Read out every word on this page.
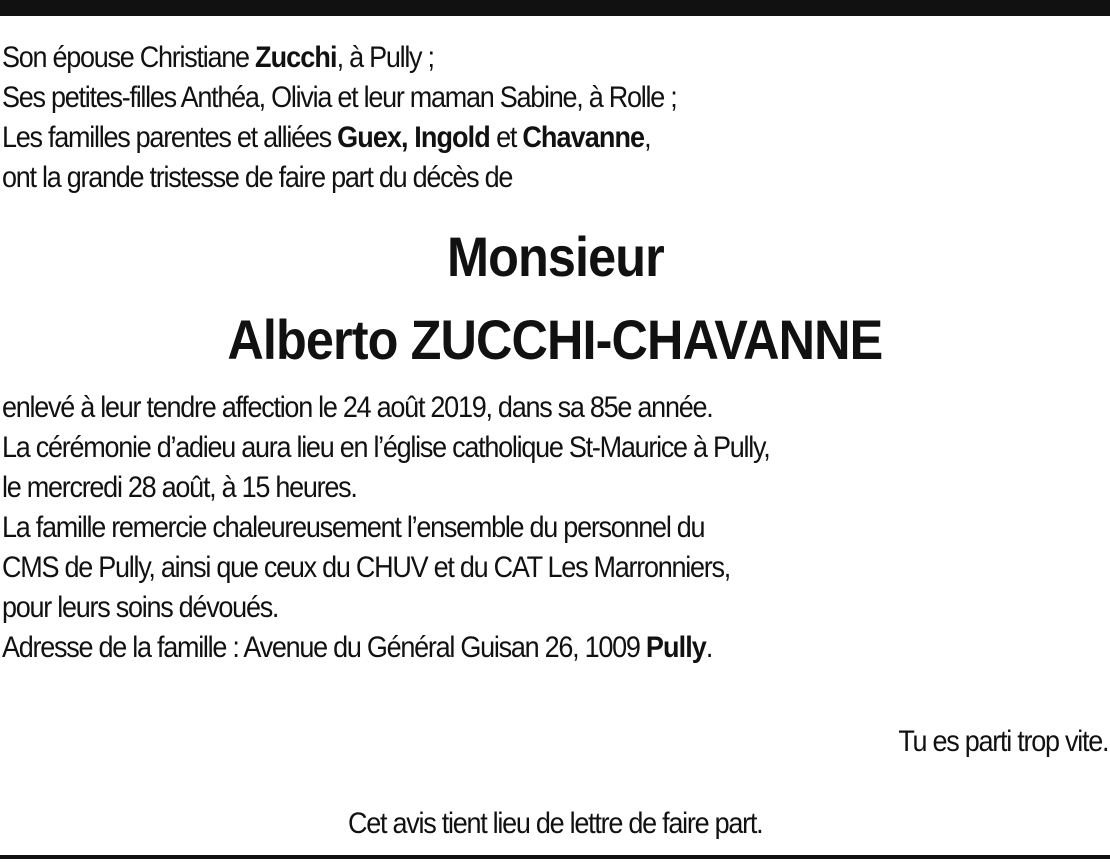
Son épouse Christiane Zucchi, à Pully ;
Ses petites-filles Anthéa, Olivia et leur maman Sabine, à Rolle ;
Les familles parentes et alliées Guex, Ingold et Chavanne,
ont la grande tristesse de faire part du décès de
Monsieur
Alberto ZUCCHI-CHAVANNE
enlevé à leur tendre affection le 24 août 2019, dans sa 85e année.
La cérémonie d’adieu aura lieu en l’église catholique St-Maurice à Pully,
le mercredi 28 août, à 15 heures.
La famille remercie chaleureusement l’ensemble du personnel du
CMS de Pully, ainsi que ceux du CHUV et du CAT Les Marronniers,
pour leurs soins dévoués.
Adresse de la famille : Avenue du Général Guisan 26, 1009 Pully.
Tu es parti trop vite.
Cet avis tient lieu de lettre de faire part.
